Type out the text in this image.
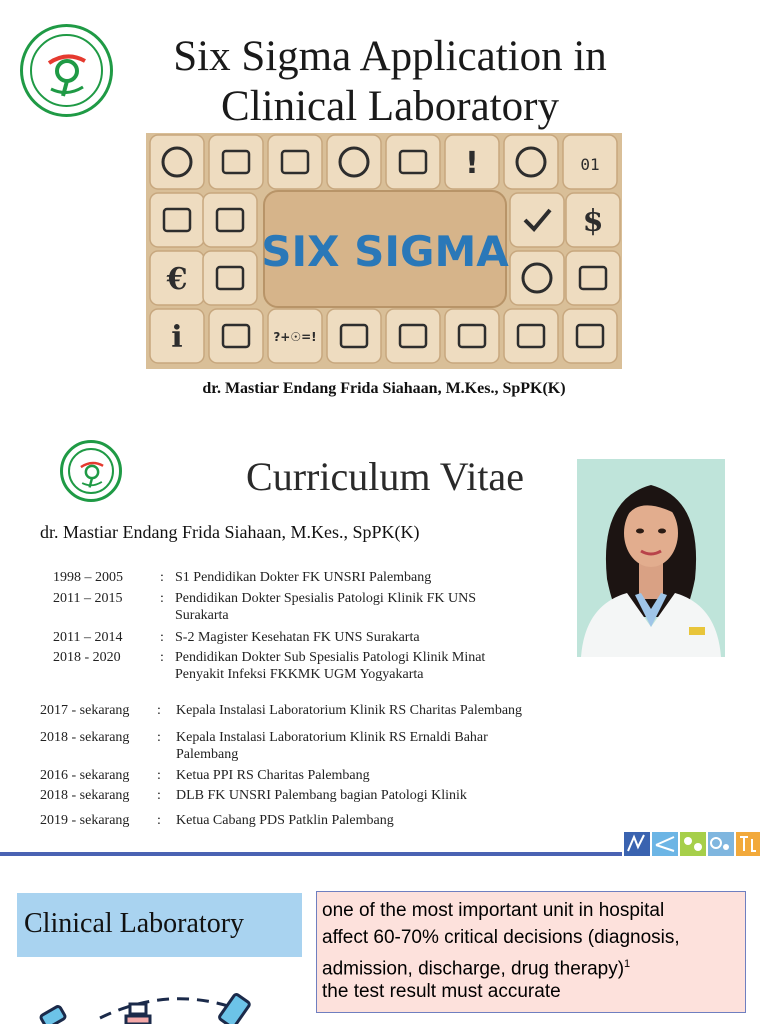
Six Sigma Application in
Clinical Laboratory
SIX SIGMA
!	01
$
€
i	?+☉=!
dr. Mastiar Endang Frida Siahaan, M.Kes., SpPK(K)
Curriculum Vitae
dr. Mastiar Endang Frida Siahaan, M.Kes., SpPK(K)
1998 – 2005	: S1 Pendidikan Dokter FK UNSRI Palembang
2011 – 2015	: Pendidikan Dokter Spesialis Patologi Klinik FK UNS
Surakarta
2011 – 2014	: S-2 Magister Kesehatan FK UNS Surakarta
2018 - 2020	: Pendidikan Dokter Sub Spesialis Patologi Klinik Minat
Penyakit Infeksi FKKMK UGM Yogyakarta
2017 - sekarang : Kepala Instalasi Laboratorium Klinik RS Charitas Palembang
2018 - sekarang : Kepala Instalasi Laboratorium Klinik RS Ernaldi Bahar
Palembang
2016 - sekarang : Ketua PPI RS Charitas Palembang
2018 - sekarang : DLB FK UNSRI Palembang bagian Patologi Klinik
2019 - sekarang : Ketua Cabang PDS Patklin Palembang
Clinical Laboratory	one of the most important unit in hospital
affect 60-70% critical decisions (diagnosis,
admission, discharge, drug therapy)$^1$
the test result must accurate
